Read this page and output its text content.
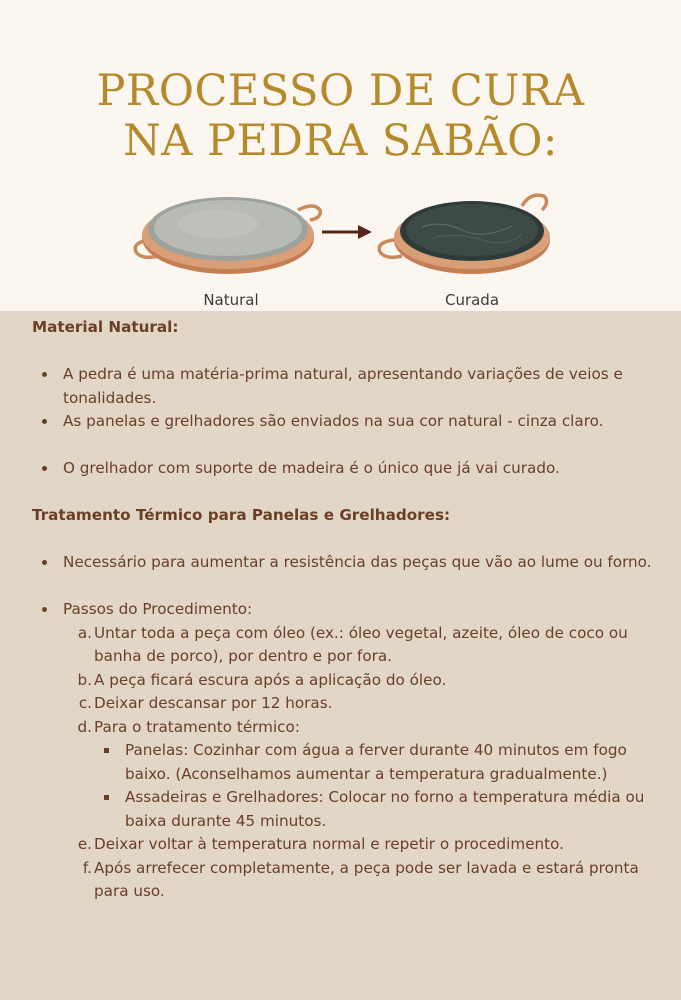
PROCESSO DE CURA
NA PEDRA SABÃO:
Natural	Curada

Material Natural:

A pedra é uma matéria-prima natural, apresentando variações de veios e tonalidades.
As panelas e grelhadores são enviados na sua cor natural - cinza claro.
O grelhador com suporte de madeira é o único que já vai curado.

Tratamento Térmico para Panelas e Grelhadores:

Necessário para aumentar a resistência das peças que vão ao lume ou forno.
Passos do Procedimento:
a. Untar toda a peça com óleo (ex.: óleo vegetal, azeite, óleo de coco ou banha de porco), por dentro e por fora.
b. A peça ficará escura após a aplicação do óleo.
c. Deixar descansar por 12 horas.
d. Para o tratamento térmico:
Panelas: Cozinhar com água a ferver durante 40 minutos em fogo baixo. (Aconselhamos aumentar a temperatura gradualmente.)
Assadeiras e Grelhadores: Colocar no forno a temperatura média ou baixa durante 45 minutos.
e. Deixar voltar à temperatura normal e repetir o procedimento.
f. Após arrefecer completamente, a peça pode ser lavada e estará pronta para uso.
